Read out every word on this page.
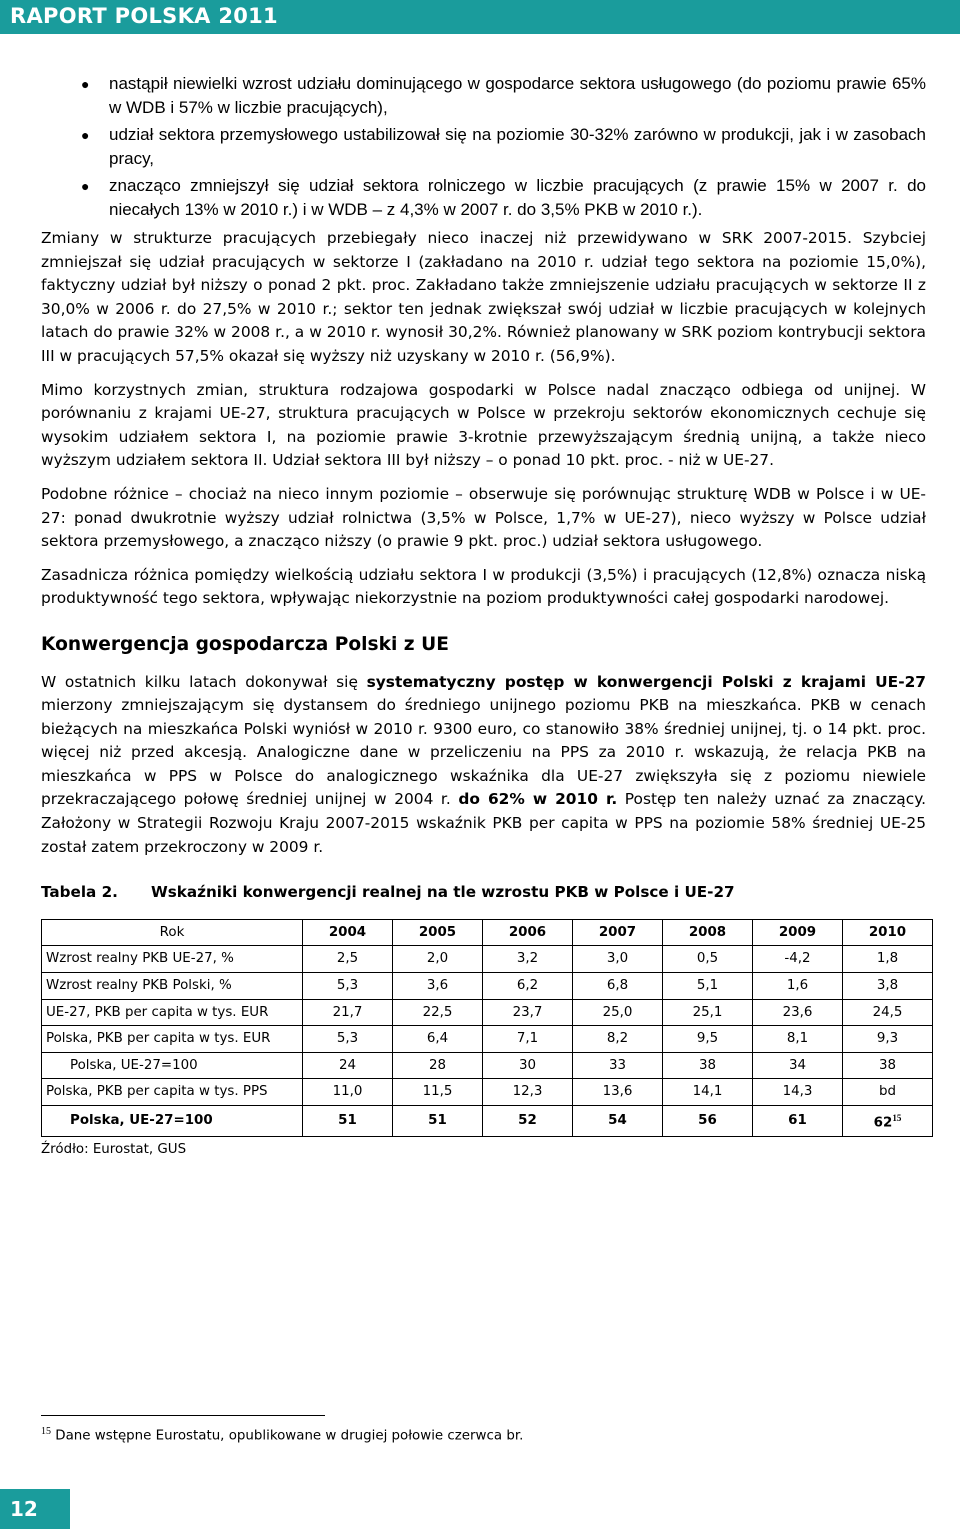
RAPORT POLSKA 2011
● nastąpił niewielki wzrost udziału dominującego w gospodarce sektora usługowego (do poziomu prawie 65% w WDB i 57% w liczbie pracujących),
● udział sektora przemysłowego ustabilizował się na poziomie 30-32% zarówno w produkcji, jak i w zasobach pracy,
● znacząco zmniejszył się udział sektora rolniczego w liczbie pracujących (z prawie 15% w 2007 r. do niecałych 13% w 2010 r.) i w WDB – z 4,3% w 2007 r. do 3,5% PKB w 2010 r.).

Zmiany w strukturze pracujących przebiegały nieco inaczej niż przewidywano w SRK 2007-2015. Szybciej zmniejszał się udział pracujących w sektorze I (zakładano na 2010 r. udział tego sektora na poziomie 15,0%), faktyczny udział był niższy o ponad 2 pkt. proc. Zakładano także zmniejszenie udziału pracujących w sektorze II z 30,0% w 2006 r. do 27,5% w 2010 r.; sektor ten jednak zwiększał swój udział w liczbie pracujących w kolejnych latach do prawie 32% w 2008 r., a w 2010 r. wynosił 30,2%. Również planowany w SRK poziom kontrybucji sektora III w pracujących 57,5% okazał się wyższy niż uzyskany w 2010 r. (56,9%).

Mimo korzystnych zmian, struktura rodzajowa gospodarki w Polsce nadal znacząco odbiega od unijnej. W porównaniu z krajami UE-27, struktura pracujących w Polsce w przekroju sektorów ekonomicznych cechuje się wysokim udziałem sektora I, na poziomie prawie 3-krotnie przewyższającym średnią unijną, a także nieco wyższym udziałem sektora II. Udział sektora III był niższy – o ponad 10 pkt. proc. - niż w UE-27.

Podobne różnice – chociaż na nieco innym poziomie – obserwuje się porównując strukturę WDB w Polsce i w UE-27: ponad dwukrotnie wyższy udział rolnictwa (3,5% w Polsce, 1,7% w UE-27), nieco wyższy w Polsce udział sektora przemysłowego, a znacząco niższy (o prawie 9 pkt. proc.) udział sektora usługowego.

Zasadnicza różnica pomiędzy wielkością udziału sektora I w produkcji (3,5%) i pracujących (12,8%) oznacza niską produktywność tego sektora, wpływając niekorzystnie na poziom produktywności całej gospodarki narodowej.

Konwergencja gospodarcza Polski z UE

W ostatnich kilku latach dokonywał się systematyczny postęp w konwergencji Polski z krajami UE-27 mierzony zmniejszającym się dystansem do średniego unijnego poziomu PKB na mieszkańca. PKB w cenach bieżących na mieszkańca Polski wyniósł w 2010 r. 9300 euro, co stanowiło 38% średniej unijnej, tj. o 14 pkt. proc. więcej niż przed akcesją. Analogiczne dane w przeliczeniu na PPS za 2010 r. wskazują, że relacja PKB na mieszkańca w PPS w Polsce do analogicznego wskaźnika dla UE-27 zwiększyła się z poziomu niewiele przekraczającego połowę średniej unijnej w 2004 r. do 62% w 2010 r. Postęp ten należy uznać za znaczący. Założony w Strategii Rozwoju Kraju 2007-2015 wskaźnik PKB per capita w PPS na poziomie 58% średniej UE-25 został zatem przekroczony w 2009 r.

Tabela 2.	Wskaźniki konwergencji realnej na tle wzrostu PKB w Polsce i UE-27
Rok	2004	2005	2006	2007	2008	2009	2010
Wzrost realny PKB UE-27, %	2,5	2,0	3,2	3,0	0,5	-4,2	1,8
Wzrost realny PKB Polski, %	5,3	3,6	6,2	6,8	5,1	1,6	3,8
UE-27, PKB per capita w tys. EUR	21,7	22,5	23,7	25,0	25,1	23,6	24,5
Polska, PKB per capita w tys. EUR	5,3	6,4	7,1	8,2	9,5	8,1	9,3
Polska, UE-27=100	24	28	30	33	38	34	38
Polska, PKB per capita w tys. PPS	11,0	11,5	12,3	13,6	14,1	14,3	bd
Polska, UE-27=100	51	51	52	54	56	61	$62^{15}$
Źródło: Eurostat, GUS
$^{15}$ Dane wstępne Eurostatu, opublikowane w drugiej połowie czerwca br.
12
